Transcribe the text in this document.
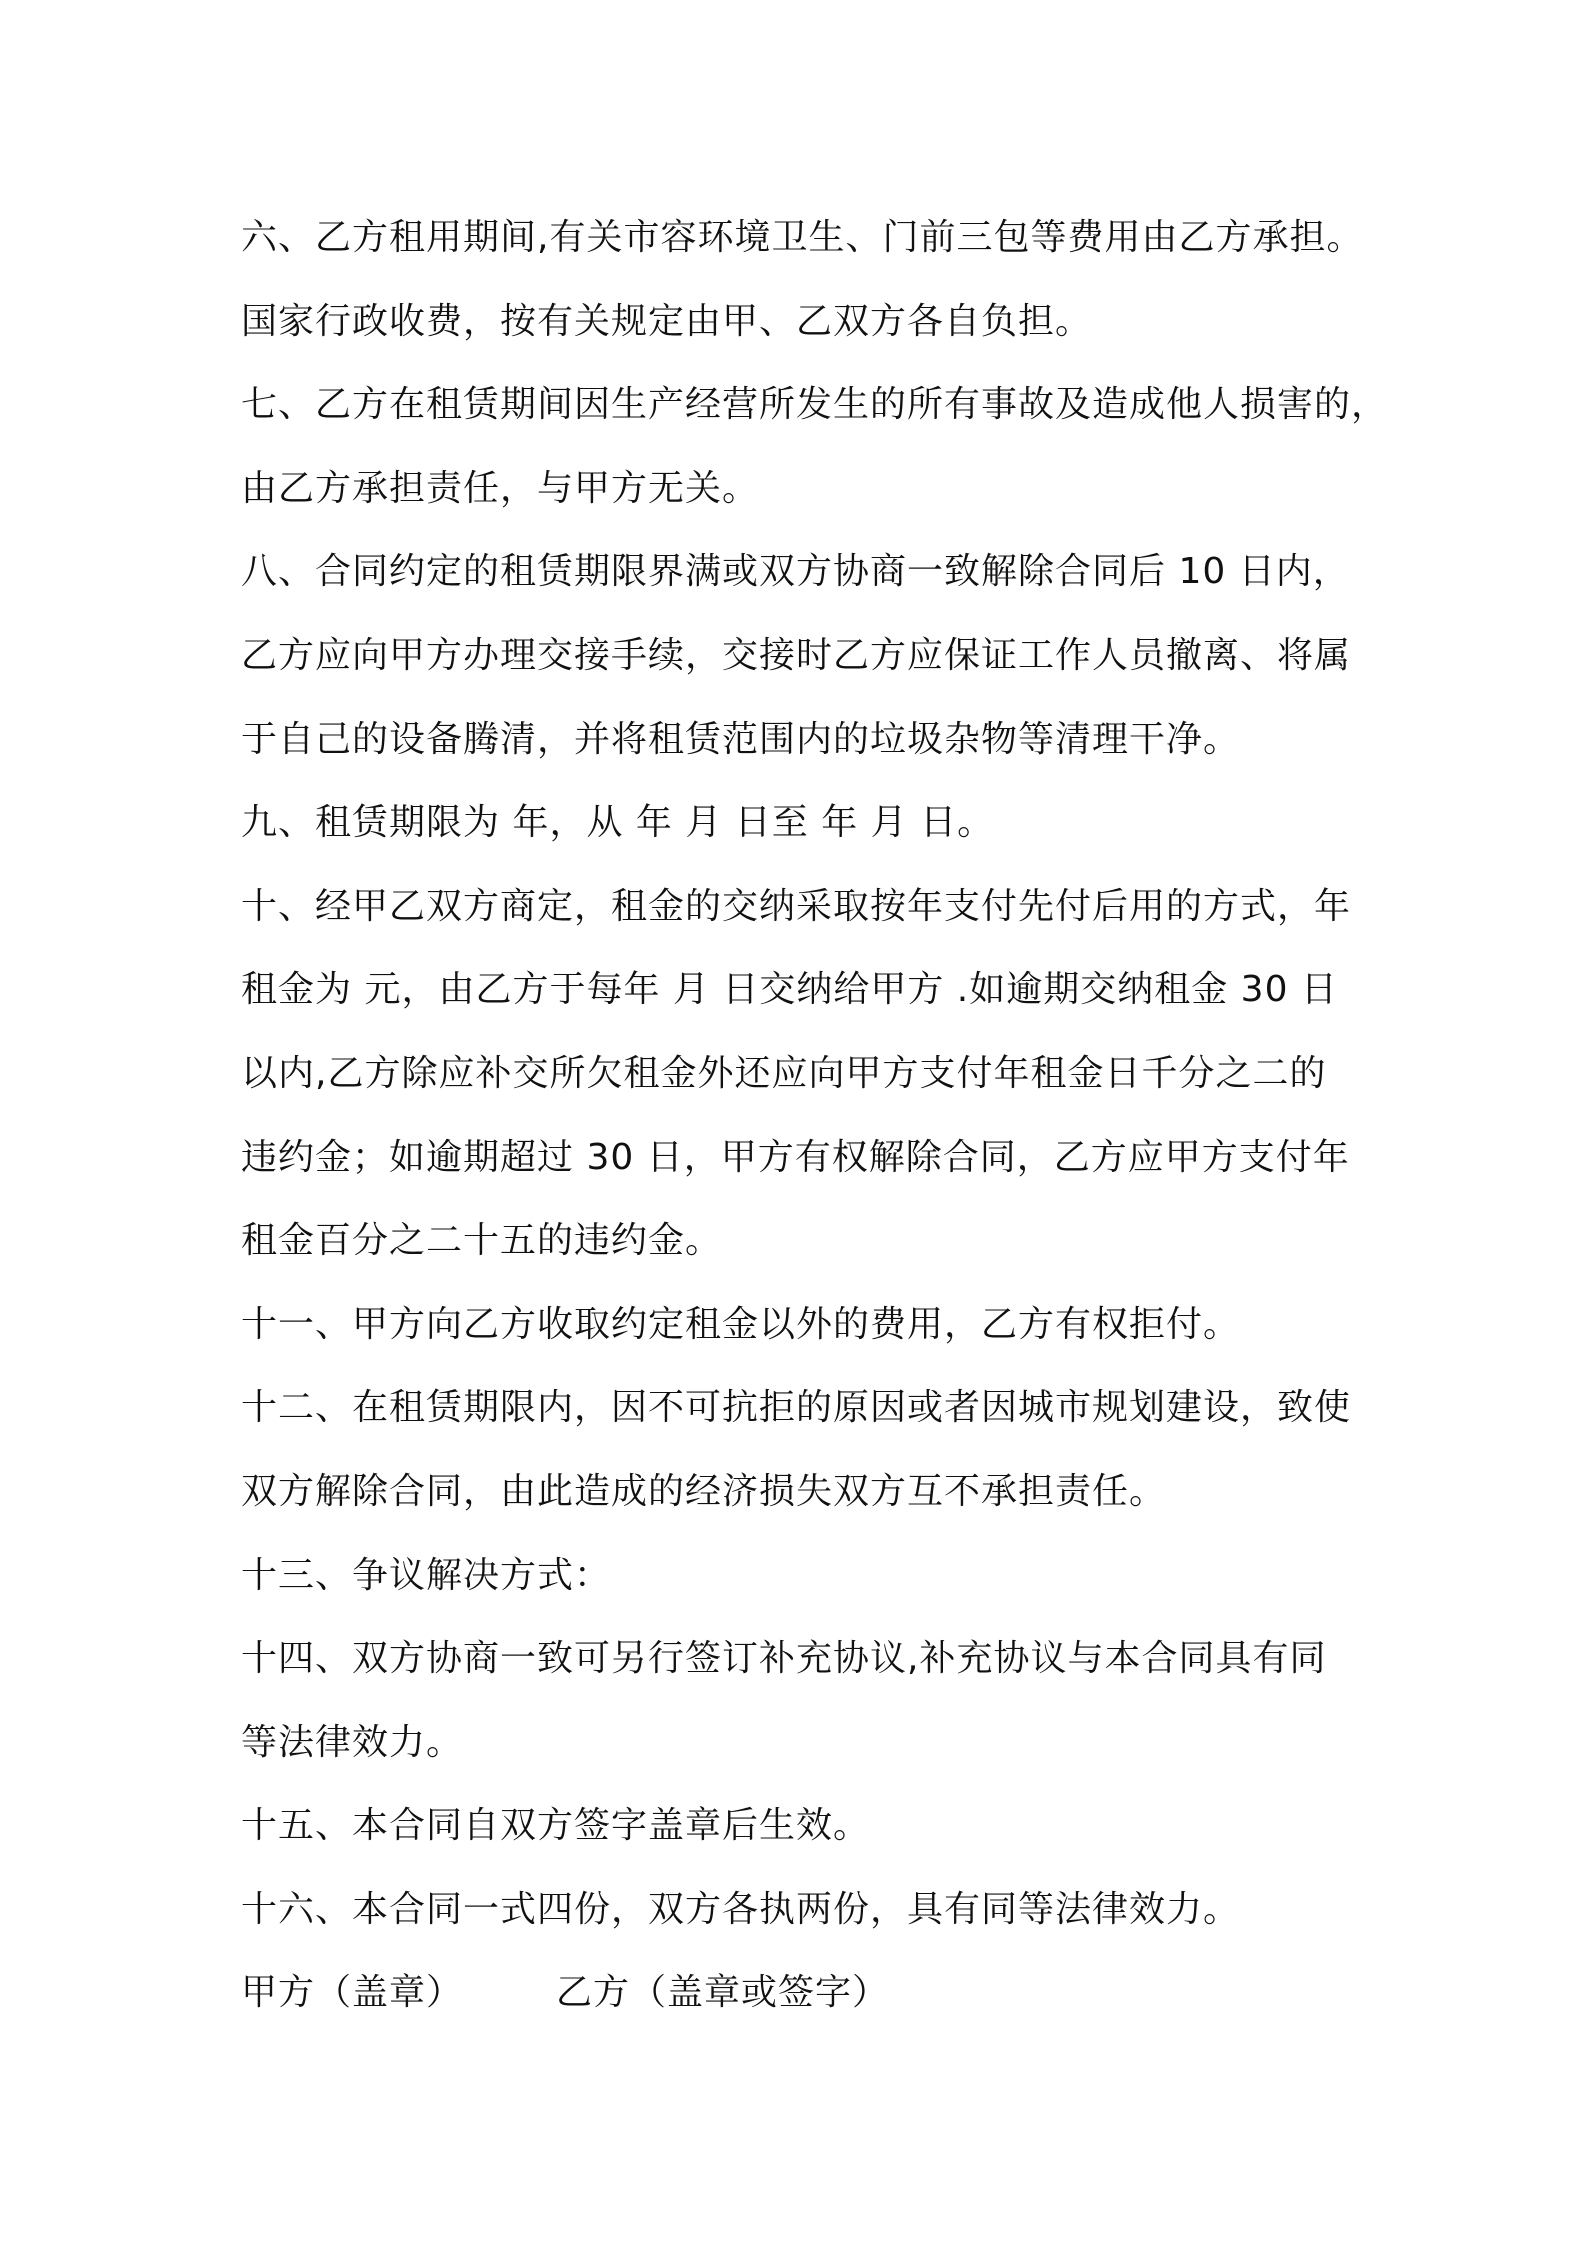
六、乙方租用期间,有关市容环境卫生、门前三包等费用由乙方承担。
国家行政收费，按有关规定由甲、乙双方各自负担。
七、乙方在租赁期间因生产经营所发生的所有事故及造成他人损害的，
由乙方承担责任，与甲方无关。
八、合同约定的租赁期限界满或双方协商一致解除合同后 10 日内，
乙方应向甲方办理交接手续，交接时乙方应保证工作人员撤离、将属
于自己的设备腾清，并将租赁范围内的垃圾杂物等清理干净。
九、租赁期限为 年，从 年 月 日至 年 月 日。
十、经甲乙双方商定，租金的交纳采取按年支付先付后用的方式，年
租金为 元，由乙方于每年 月 日交纳给甲方 .如逾期交纳租金 30 日
以内,乙方除应补交所欠租金外还应向甲方支付年租金日千分之二的
违约金；如逾期超过 30 日，甲方有权解除合同，乙方应甲方支付年
租金百分之二十五的违约金。
十一、甲方向乙方收取约定租金以外的费用，乙方有权拒付。
十二、在租赁期限内，因不可抗拒的原因或者因城市规划建设，致使
双方解除合同，由此造成的经济损失双方互不承担责任。
十三、争议解决方式：
十四、双方协商一致可另行签订补充协议,补充协议与本合同具有同
等法律效力。
十五、本合同自双方签字盖章后生效。
十六、本合同一式四份，双方各执两份，具有同等法律效力。
甲方（盖章）　　　乙方（盖章或签字）
